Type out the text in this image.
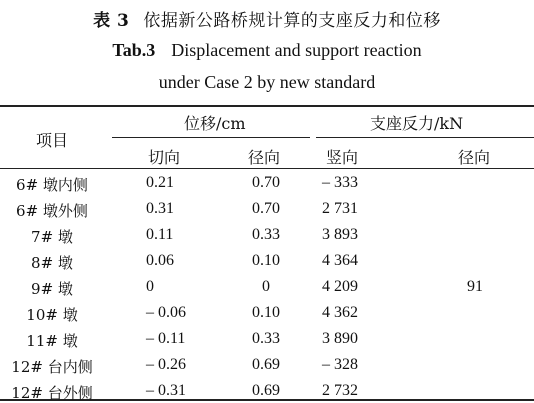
表 3 依据新公路桥规计算的支座反力和位移
Tab.3 Displacement and support reaction
under Case 2 by new standard
项目
位移/cm	支座反力/kN
切向	径向	竖向	径向
6# 墩内侧	0.21	0.70	– 333
6# 墩外侧	0.31	0.70	2 731
7# 墩	0.11	0.33	3 893
8# 墩	0.06	0.10	4 364
9# 墩	0	0	4 209	91
10# 墩	– 0.06	0.10	4 362
11# 墩	– 0.11	0.33	3 890
12# 台内侧	– 0.26	0.69	– 328
12# 台外侧	– 0.31	0.69	2 732
